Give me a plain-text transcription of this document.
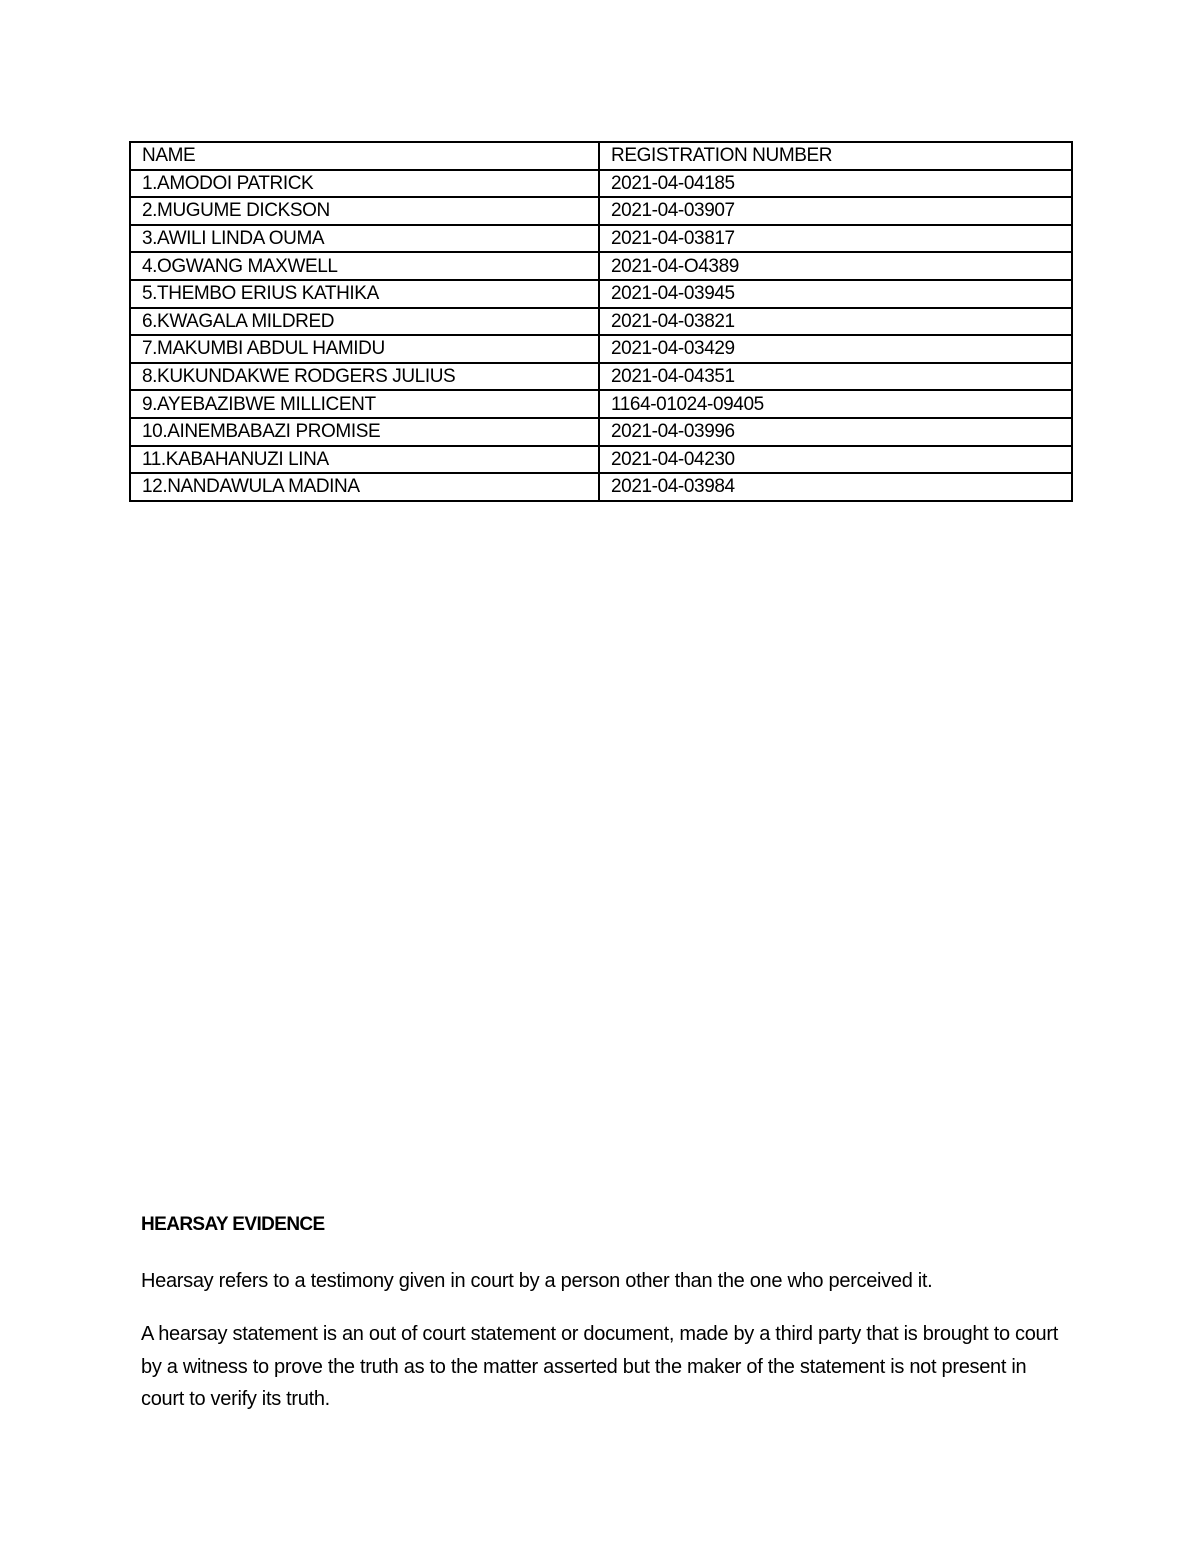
NAME	REGISTRATION NUMBER
1.AMODOI PATRICK	2021-04-04185
2.MUGUME DICKSON	2021-04-03907
3.AWILI LINDA OUMA	2021-04-03817
4.OGWANG MAXWELL	2021-04-O4389
5.THEMBO ERIUS KATHIKA	2021-04-03945
6.KWAGALA MILDRED	2021-04-03821
7.MAKUMBI ABDUL HAMIDU	2021-04-03429
8.KUKUNDAKWE RODGERS JULIUS	2021-04-04351
9.AYEBAZIBWE MILLICENT	1164-01024-09405
10.AINEMBABAZI PROMISE	2021-04-03996
11.KABAHANUZI LINA	2021-04-04230
12.NANDAWULA MADINA	2021-04-03984
HEARSAY EVIDENCE
Hearsay refers to a testimony given in court by a person other than the one who perceived it.
A hearsay statement is an out of court statement or document, made by a third party that is brought to court by a witness to prove the truth as to the matter asserted but the maker of the statement is not present in court to verify its truth.
